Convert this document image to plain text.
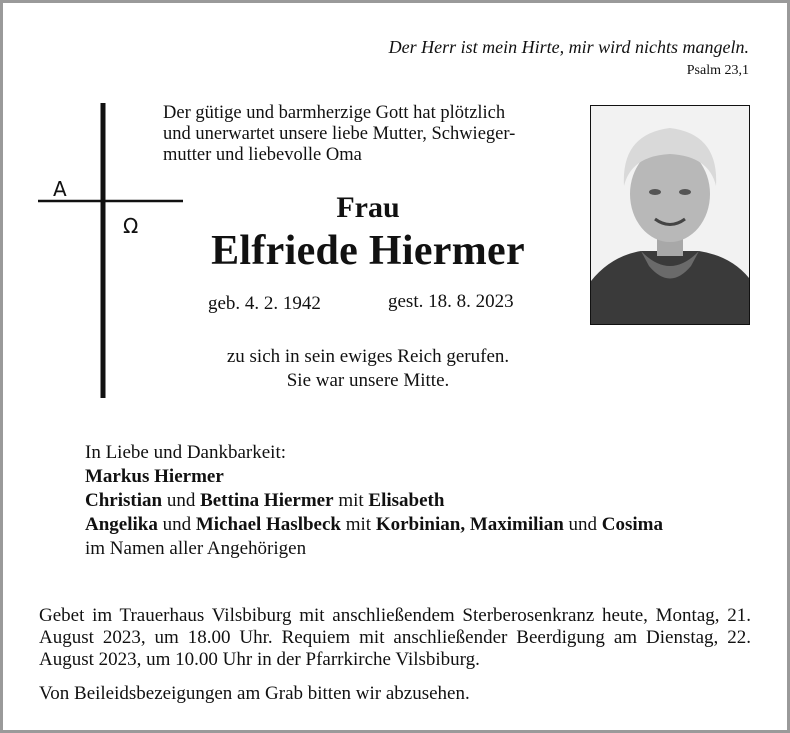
Der Herr ist mein Hirte, mir wird nichts mangeln.
Psalm 23,1
A
Ω
Der gütige und barmherzige Gott hat plötzlich
und unerwartet unsere liebe Mutter, Schwieger-
mutter und liebevolle Oma
Frau
Elfriede Hiermer
geb. 4. 2. 1942	gest. 18. 8. 2023
zu sich in sein ewiges Reich gerufen.
Sie war unsere Mitte.
In Liebe und Dankbarkeit:
Markus Hiermer
Christian und Bettina Hiermer mit Elisabeth
Angelika und Michael Haslbeck mit Korbinian, Maximilian und Cosima
im Namen aller Angehörigen
Gebet im Trauerhaus Vilsbiburg mit anschließendem Sterberosenkranz heute, Montag, 21. August 2023, um 18.00 Uhr. Requiem mit anschließender Beerdigung am Dienstag, 22. August 2023, um 10.00 Uhr in der Pfarrkirche Vilsbiburg.
Von Beileidsbezeigungen am Grab bitten wir abzusehen.
